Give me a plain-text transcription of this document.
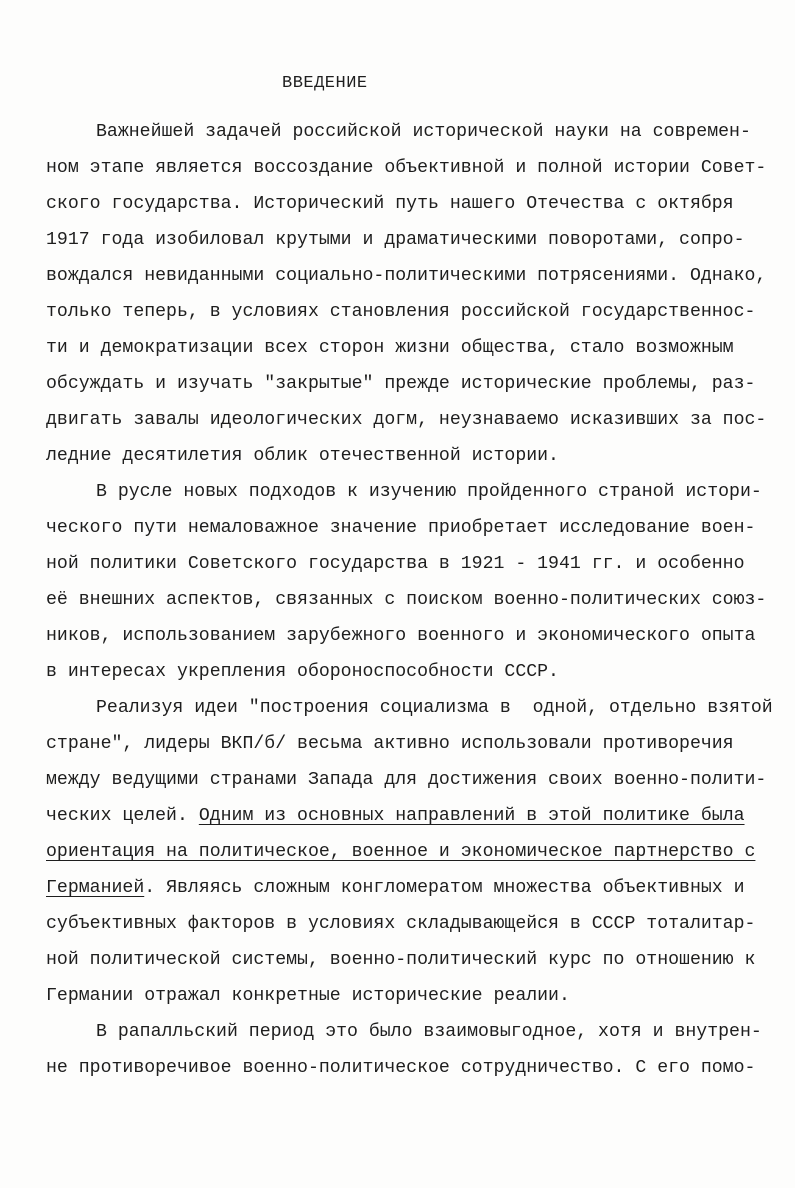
ВВЕДЕНИЕ
Важнейшей задачей российской исторической науки на современ-
ном этапе является воссоздание объективной и полной истории Совет-
ского государства. Исторический путь нашего Отечества с октября
1917 года изобиловал крутыми и драматическими поворотами, сопро-
вождался невиданными социально-политическими потрясениями. Однако,
только теперь, в условиях становления российской государственнос-
ти и демократизации всех сторон жизни общества, стало возможным
обсуждать и изучать "закрытые" прежде исторические проблемы, раз-
двигать завалы идеологических догм, неузнаваемо исказивших за пос-
ледние десятилетия облик отечественной истории.
В русле новых подходов к изучению пройденного страной истори-
ческого пути немаловажное значение приобретает исследование воен-
ной политики Советского государства в 1921 - 1941 гг. и особенно
её внешних аспектов, связанных с поиском военно-политических союз-
ников, использованием зарубежного военного и экономического опыта
в интересах укрепления обороноспособности СССР.
Реализуя идеи "построения социализма в  одной, отдельно взятой
стране", лидеры ВКП/б/ весьма активно использовали противоречия
между ведущими странами Запада для достижения своих военно-полити-
ческих целей. Одним из основных направлений в этой политике была
ориентация на политическое, военное и экономическое партнерство с
Германией. Являясь сложным конгломератом множества объективных и
субъективных факторов в условиях складывающейся в СССР тоталитар-
ной политической системы, военно-политический курс по отношению к
Германии отражал конкретные исторические реалии.
В рапалльский период это было взаимовыгодное, хотя и внутрен-
не противоречивое военно-политическое сотрудничество. С его помо-
